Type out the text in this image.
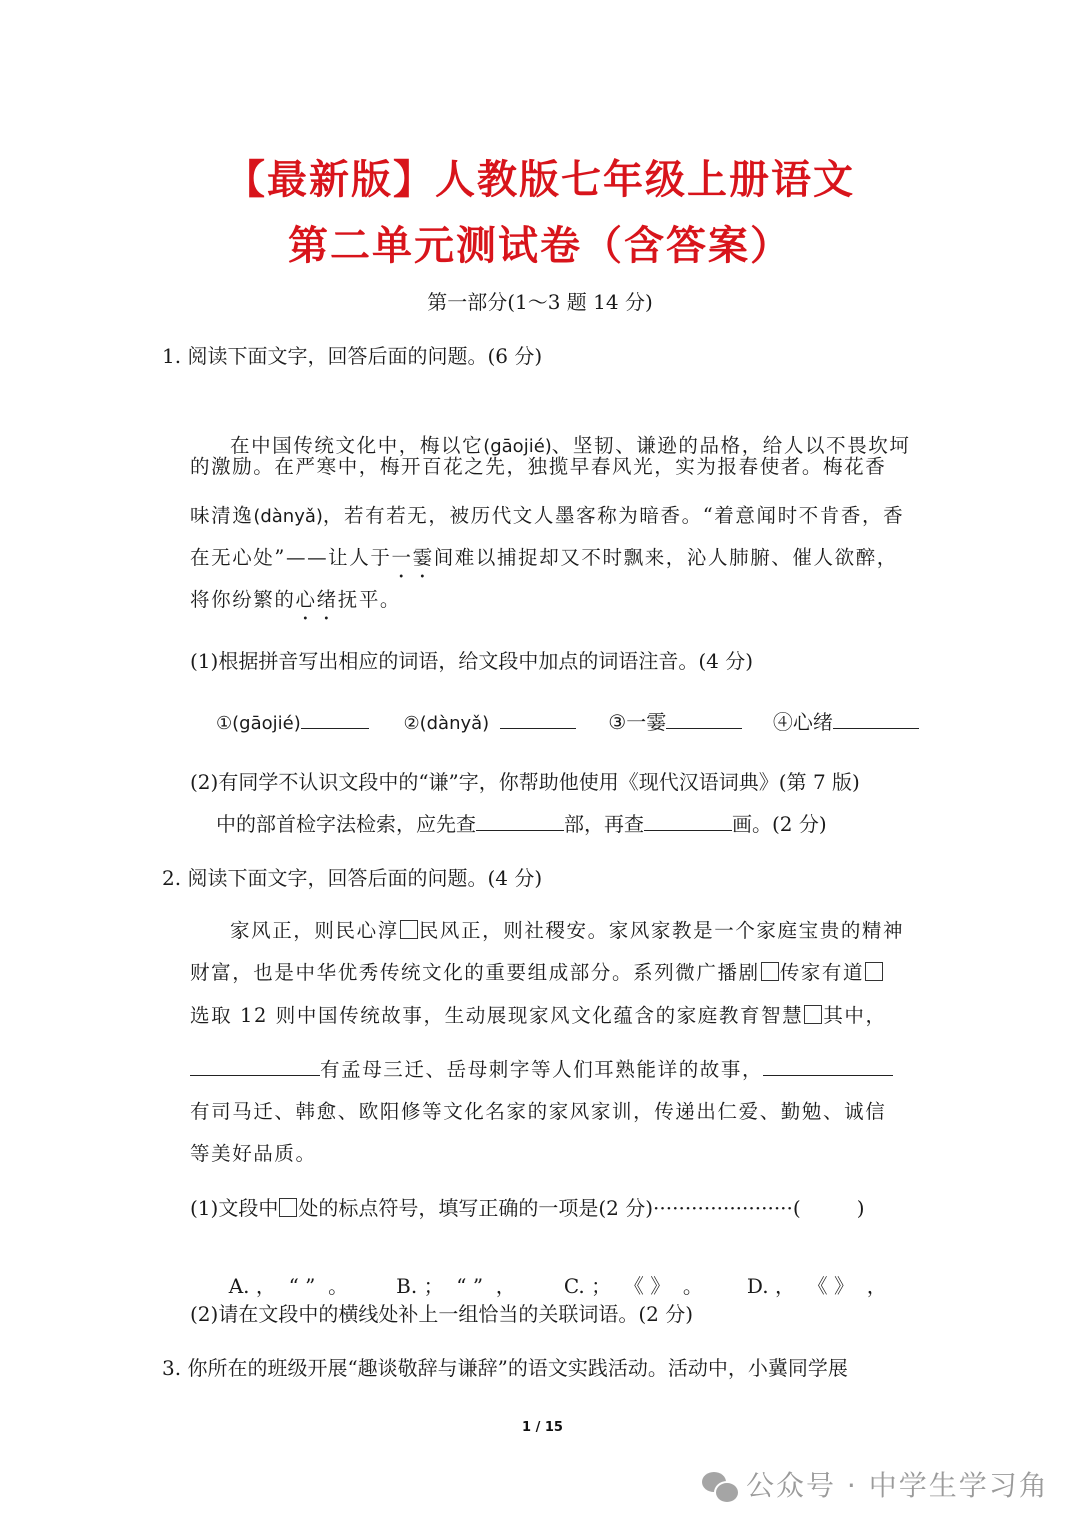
【最新版】人教版七年级上册语文
第二单元测试卷（含答案）
第一部分(1～3 题 14 分)
1. 阅读下面文字，回答后面的问题。(6 分)
在中国传统文化中，梅以它(gāojié)、坚韧、谦逊的品格，给人以不畏坎坷
的激励。在严寒中，梅开百花之先，独揽早春风光，实为报春使者。梅花香
味清逸(dànyǎ)，若有若无，被历代文人墨客称为暗香。“着意闻时不肯香，香
在无心处”——让人于一霎间难以捕捉却又不时飘来，沁人肺腑、催人欲醉，
将你纷繁的心绪抚平。
(1)根据拼音写出相应的词语，给文段中加点的词语注音。(4 分)
①(gāojié)	②(dànyǎ)	③一霎	④心绪
(2)有同学不认识文段中的“谦”字，你帮助他使用《现代汉语词典》(第 7 版)
中的部首检字法检索，应先查	部，再查	画。(2 分)
2. 阅读下面文字，回答后面的问题。(4 分)
家风正，则民心淳 民风正，则社稷安。家风家教是一个家庭宝贵的精神
财富，也是中华优秀传统文化的重要组成部分。系列微广播剧 传家有道
选取 12 则中国传统故事，生动展现家风文化蕴含的家庭教育智慧 其中，
有孟母三迁、岳母刺字等人们耳熟能详的故事，
有司马迁、韩愈、欧阳修等文化名家的家风家训，传递出仁爱、勤勉、诚信
等美好品质。
(1)文段中 处的标点符号，填写正确的一项是(2 分)······················(	)

A. ，  “ ”  。 B. ；  “ ”  ， C. ；  《 》  。 D. ，  《 》  ，

(2)请在文段中的横线处补上一组恰当的关联词语。(2 分)
3. 你所在的班级开展“趣谈敬辞与谦辞”的语文实践活动。活动中，小冀同学展
1 / 15
公众号 · 中学生学习角
